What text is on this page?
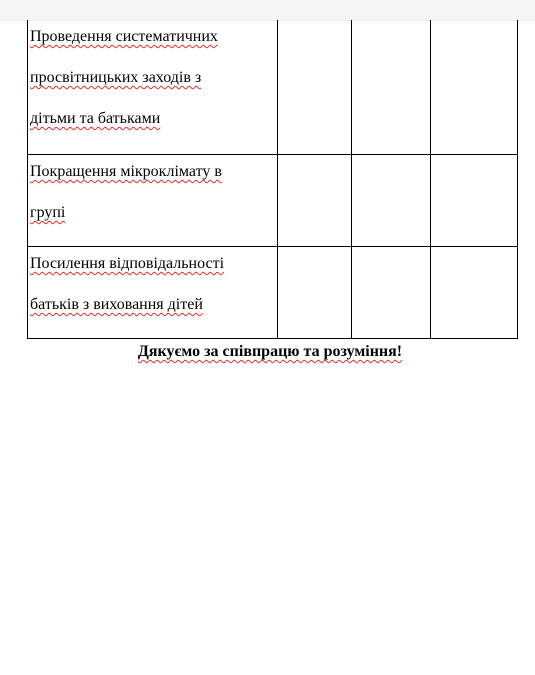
Проведення систематичних
просвітницьких заходів з
дітьми та батьками			

Покращення мікроклімату в
групі			

Посилення відповідальності
батьків з виховання дітей			

Дякуємо за співпрацю та розуміння!
